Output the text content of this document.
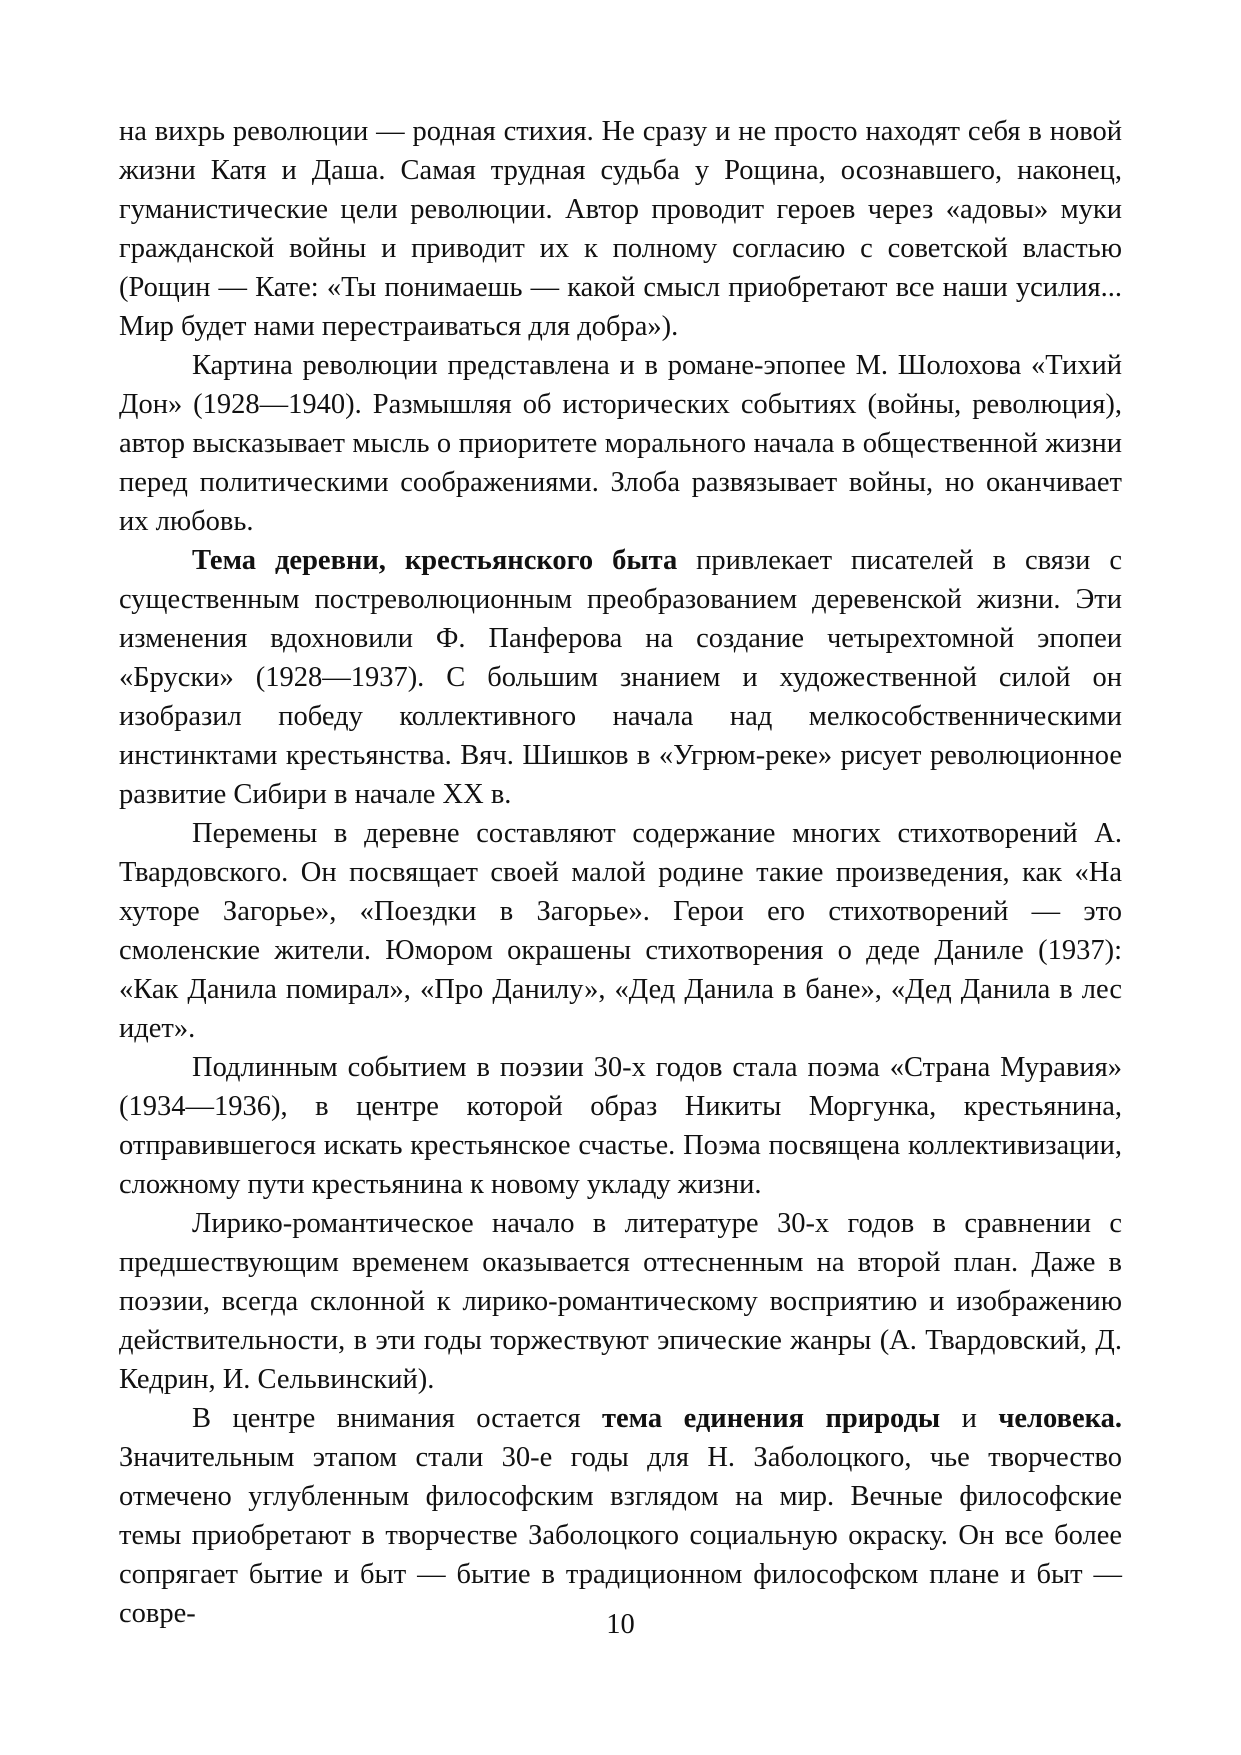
на вихрь революции — родная стихия. Не сразу и не просто находят себя в новой жизни Катя и Даша. Самая трудная судьба у Рощина, осознавшего, наконец, гуманистические цели революции. Автор проводит героев через «адовы» муки гражданской войны и приводит их к полному согласию с советской властью (Рощин — Кате: «Ты понимаешь — какой смысл приобретают все наши усилия... Мир будет нами перестраиваться для добра»).

Картина революции представлена и в романе-эпопее М. Шолохова «Тихий Дон» (1928—1940). Размышляя об исторических событиях (войны, революция), автор высказывает мысль о приоритете морального начала в общественной жизни перед политическими соображениями. Злоба развязывает войны, но оканчивает их любовь.

Тема деревни, крестьянского быта привлекает писателей в связи с существенным постреволюционным преобразованием деревенской жизни. Эти изменения вдохновили Ф. Панферова на создание четырехтомной эпопеи «Бруски» (1928—1937). С большим знанием и художественной силой он изобразил победу коллективного начала над мелкособственническими инстинктами крестьянства. Вяч. Шишков в «Угрюм-реке» рисует революционное развитие Сибири в начале XX в.

Перемены в деревне составляют содержание многих стихотворений А. Твардовского. Он посвящает своей малой родине такие произведения, как «На хуторе Загорье», «Поездки в Загорье». Герои его стихотворений — это смоленские жители. Юмором окрашены стихотворения о деде Даниле (1937): «Как Данила помирал», «Про Данилу», «Дед Данила в бане», «Дед Данила в лес идет».

Подлинным событием в поэзии 30-х годов стала поэма «Страна Муравия» (1934—1936), в центре которой образ Никиты Моргунка, крестьянина, отправившегося искать крестьянское счастье. Поэма посвящена коллективизации, сложному пути крестьянина к новому укладу жизни.

Лирико-романтическое начало в литературе 30-х годов в сравнении с предшествующим временем оказывается оттесненным на второй план. Даже в поэзии, всегда склонной к лирико-романтическому восприятию и изображению действительности, в эти годы торжествуют эпические жанры (А. Твардовский, Д. Кедрин, И. Сельвинский).

В центре внимания остается тема единения природы и человека. Значительным этапом стали 30-е годы для Н. Заболоцкого, чье творчество отмечено углубленным философским взглядом на мир. Вечные философские темы приобретают в творчестве Заболоцкого социальную окраску. Он все более сопрягает бытие и быт — бытие в традиционном философском плане и быт — совре-	10
